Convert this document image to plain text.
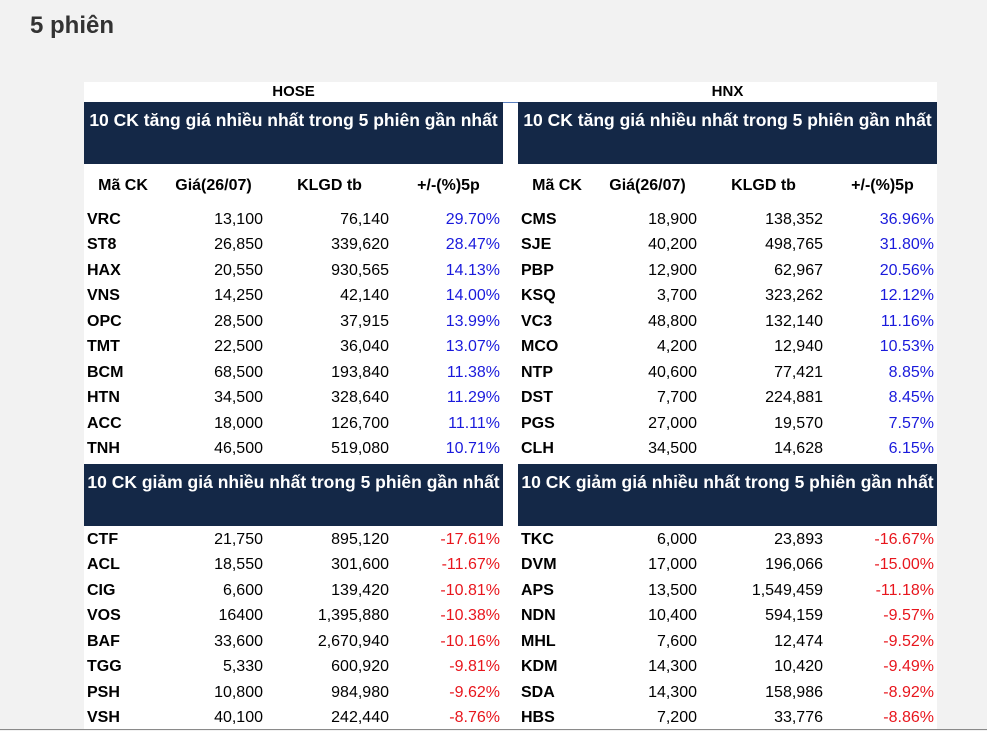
5 phiên
HOSE	HNX
10 CK tăng giá nhiều nhất trong 5 phiên gần nhất
Mã CK	Giá(26/07)	KLGD tb	+/-(%)5p
VRC	13,100	76,140	29.70%
ST8	26,850	339,620	28.47%
HAX	20,550	930,565	14.13%
VNS	14,250	42,140	14.00%
OPC	28,500	37,915	13.99%
TMT	22,500	36,040	13.07%
BCM	68,500	193,840	11.38%
HTN	34,500	328,640	11.29%
ACC	18,000	126,700	11.11%
TNH	46,500	519,080	10.71%
10 CK giảm giá nhiều nhất trong 5 phiên gần nhất
CTF	21,750	895,120	-17.61%
ACL	18,550	301,600	-11.67%
CIG	6,600	139,420	-10.81%
VOS	16400	1,395,880	-10.38%
BAF	33,600	2,670,940	-10.16%
TGG	5,330	600,920	-9.81%
PSH	10,800	984,980	-9.62%
VSH	40,100	242,440	-8.76%
10 CK tăng giá nhiều nhất trong 5 phiên gần nhất
Mã CK	Giá(26/07)	KLGD tb	+/-(%)5p
CMS	18,900	138,352	36.96%
SJE	40,200	498,765	31.80%
PBP	12,900	62,967	20.56%
KSQ	3,700	323,262	12.12%
VC3	48,800	132,140	11.16%
MCO	4,200	12,940	10.53%
NTP	40,600	77,421	8.85%
DST	7,700	224,881	8.45%
PGS	27,000	19,570	7.57%
CLH	34,500	14,628	6.15%
10 CK giảm giá nhiều nhất trong 5 phiên gần nhất
TKC	6,000	23,893	-16.67%
DVM	17,000	196,066	-15.00%
APS	13,500	1,549,459	-11.18%
NDN	10,400	594,159	-9.57%
MHL	7,600	12,474	-9.52%
KDM	14,300	10,420	-9.49%
SDA	14,300	158,986	-8.92%
HBS	7,200	33,776	-8.86%
